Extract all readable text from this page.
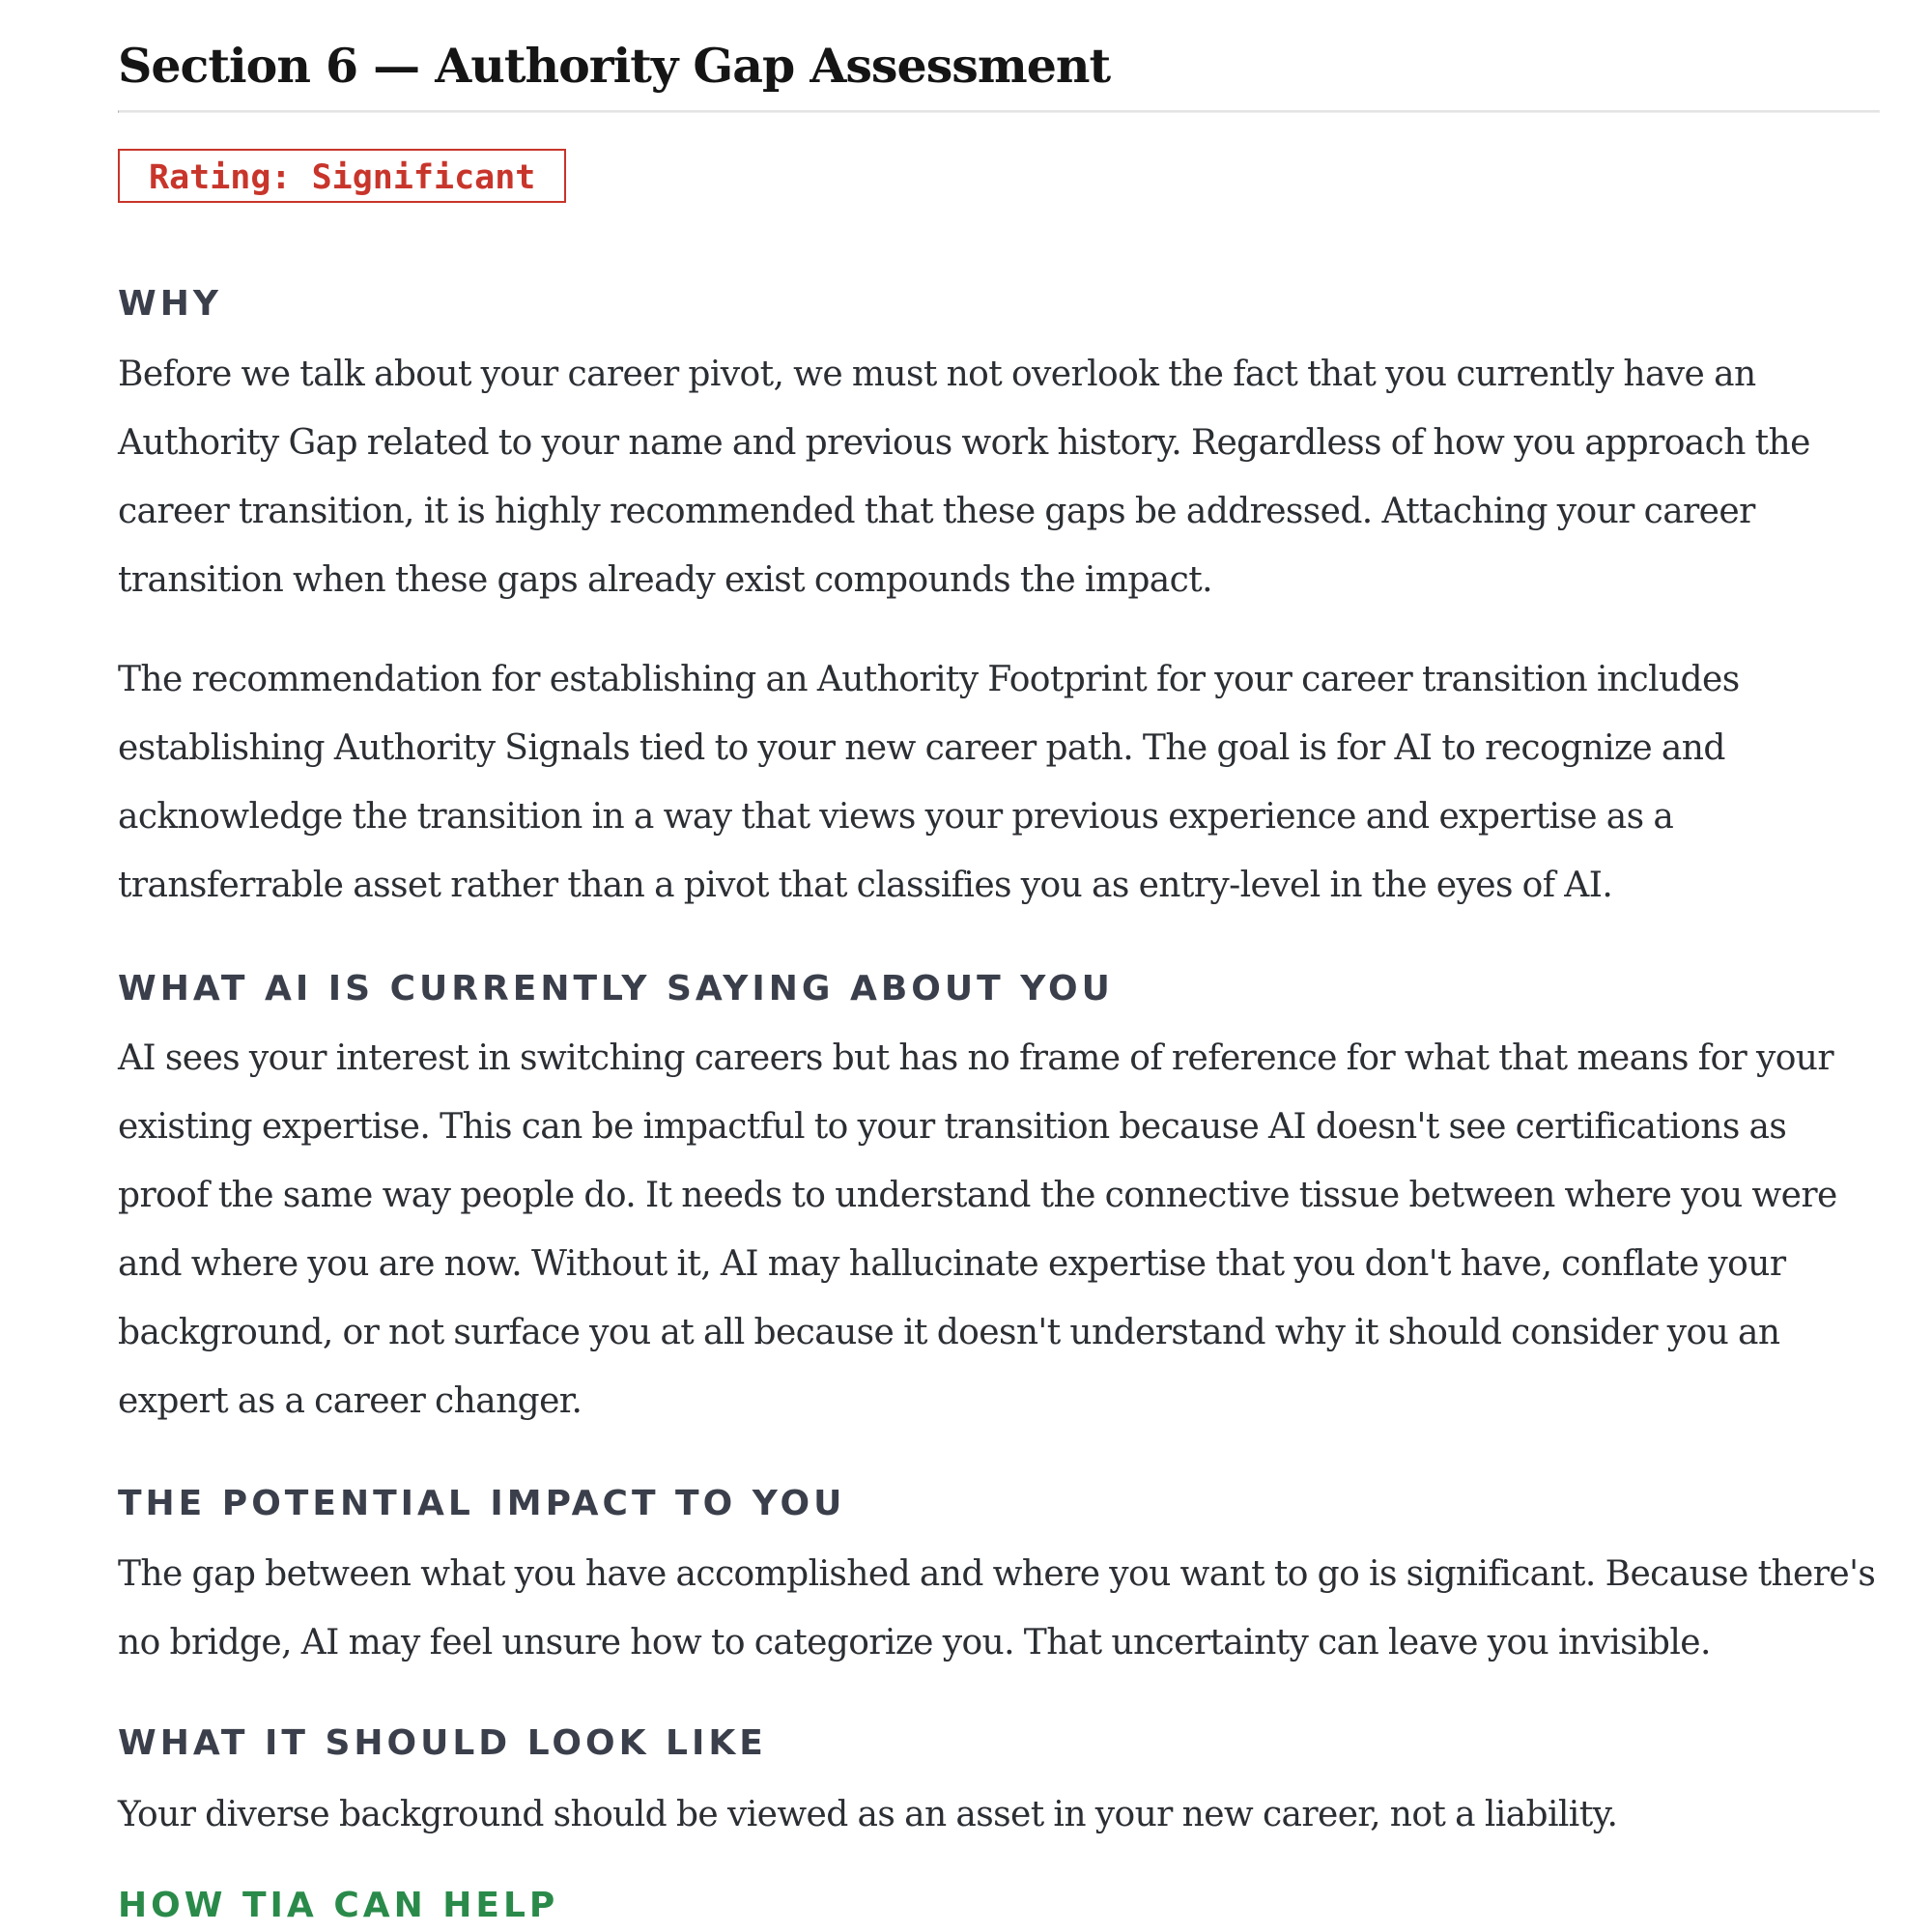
Section 6 — Authority Gap Assessment
Rating: Significant
WHY

Before we talk about your career pivot, we must not overlook the fact that you currently have an Authority Gap related to your name and previous work history. Regardless of how you approach the career transition, it is highly recommended that these gaps be addressed. Attaching your career transition when these gaps already exist compounds the impact.

The recommendation for establishing an Authority Footprint for your career transition includes establishing Authority Signals tied to your new career path. The goal is for AI to recognize and acknowledge the transition in a way that views your previous experience and expertise as a transferrable asset rather than a pivot that classifies you as entry-level in the eyes of AI.

WHAT AI IS CURRENTLY SAYING ABOUT YOU

AI sees your interest in switching careers but has no frame of reference for what that means for your existing expertise. This can be impactful to your transition because AI doesn't see certifications as proof the same way people do. It needs to understand the connective tissue between where you were and where you are now. Without it, AI may hallucinate expertise that you don't have, conflate your background, or not surface you at all because it doesn't understand why it should consider you an expert as a career changer.

THE POTENTIAL IMPACT TO YOU

The gap between what you have accomplished and where you want to go is significant. Because there's no bridge, AI may feel unsure how to categorize you. That uncertainty can leave you invisible.

WHAT IT SHOULD LOOK LIKE

Your diverse background should be viewed as an asset in your new career, not a liability.

HOW TIA CAN HELP
